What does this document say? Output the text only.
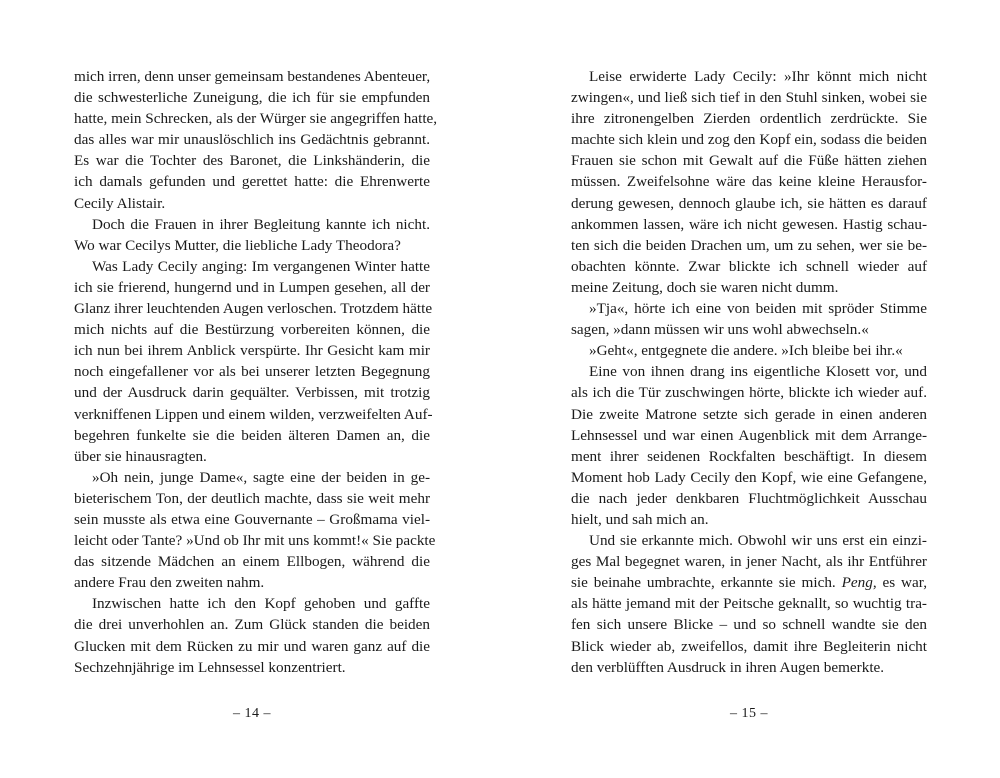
mich irren, denn unser gemeinsam bestandenes Abenteuer,
die schwesterliche Zuneigung, die ich für sie empfunden
hatte, mein Schrecken, als der Würger sie angegriffen hatte,
das alles war mir unauslöschlich ins Gedächtnis gebrannt.
Es war die Tochter des Baronet, die Linkshänderin, die
ich damals gefunden und gerettet hatte: die Ehrenwerte
Cecily Alistair.
Doch die Frauen in ihrer Begleitung kannte ich nicht.
Wo war Cecilys Mutter, die liebliche Lady Theodora?
Was Lady Cecily anging: Im vergangenen Winter hatte
ich sie frierend, hungernd und in Lumpen gesehen, all der
Glanz ihrer leuchtenden Augen verloschen. Trotzdem hätte
mich nichts auf die Bestürzung vorbereiten können, die
ich nun bei ihrem Anblick verspürte. Ihr Gesicht kam mir
noch eingefallener vor als bei unserer letzten Begegnung
und der Ausdruck darin gequälter. Verbissen, mit trotzig
verkniffenen Lippen und einem wilden, verzweifelten Auf-
begehren funkelte sie die beiden älteren Damen an, die
über sie hinausragten.
»Oh nein, junge Dame«, sagte eine der beiden in ge-
bieterischem Ton, der deutlich machte, dass sie weit mehr
sein musste als etwa eine Gouvernante – Großmama viel-
leicht oder Tante? »Und ob Ihr mit uns kommt!« Sie packte
das sitzende Mädchen an einem Ellbogen, während die
andere Frau den zweiten nahm.
Inzwischen hatte ich den Kopf gehoben und gaffte
die drei unverhohlen an. Zum Glück standen die beiden
Glucken mit dem Rücken zu mir und waren ganz auf die
Sechzehnjährige im Lehnsessel konzentriert.
Leise erwiderte Lady Cecily: »Ihr könnt mich nicht
zwingen«, und ließ sich tief in den Stuhl sinken, wobei sie
ihre zitronengelben Zierden ordentlich zerdrückte. Sie
machte sich klein und zog den Kopf ein, sodass die beiden
Frauen sie schon mit Gewalt auf die Füße hätten ziehen
müssen. Zweifelsohne wäre das keine kleine Herausfor-
derung gewesen, dennoch glaube ich, sie hätten es darauf
ankommen lassen, wäre ich nicht gewesen. Hastig schau-
ten sich die beiden Drachen um, um zu sehen, wer sie be-
obachten könnte. Zwar blickte ich schnell wieder auf
meine Zeitung, doch sie waren nicht dumm.
»Tja«, hörte ich eine von beiden mit spröder Stimme
sagen, »dann müssen wir uns wohl abwechseln.«
»Geht«, entgegnete die andere. »Ich bleibe bei ihr.«
Eine von ihnen drang ins eigentliche Klosett vor, und
als ich die Tür zuschwingen hörte, blickte ich wieder auf.
Die zweite Matrone setzte sich gerade in einen anderen
Lehnsessel und war einen Augenblick mit dem Arrange-
ment ihrer seidenen Rockfalten beschäftigt. In diesem
Moment hob Lady Cecily den Kopf, wie eine Gefangene,
die nach jeder denkbaren Fluchtmöglichkeit Ausschau
hielt, und sah mich an.
Und sie erkannte mich. Obwohl wir uns erst ein einzi-
ges Mal begegnet waren, in jener Nacht, als ihr Entführer
sie beinahe umbrachte, erkannte sie mich. Peng, es war,
als hätte jemand mit der Peitsche geknallt, so wuchtig tra-
fen sich unsere Blicke – und so schnell wandte sie den
Blick wieder ab, zweifellos, damit ihre Begleiterin nicht
den verblüfften Ausdruck in ihren Augen bemerkte.
– 14 –	– 15 –
